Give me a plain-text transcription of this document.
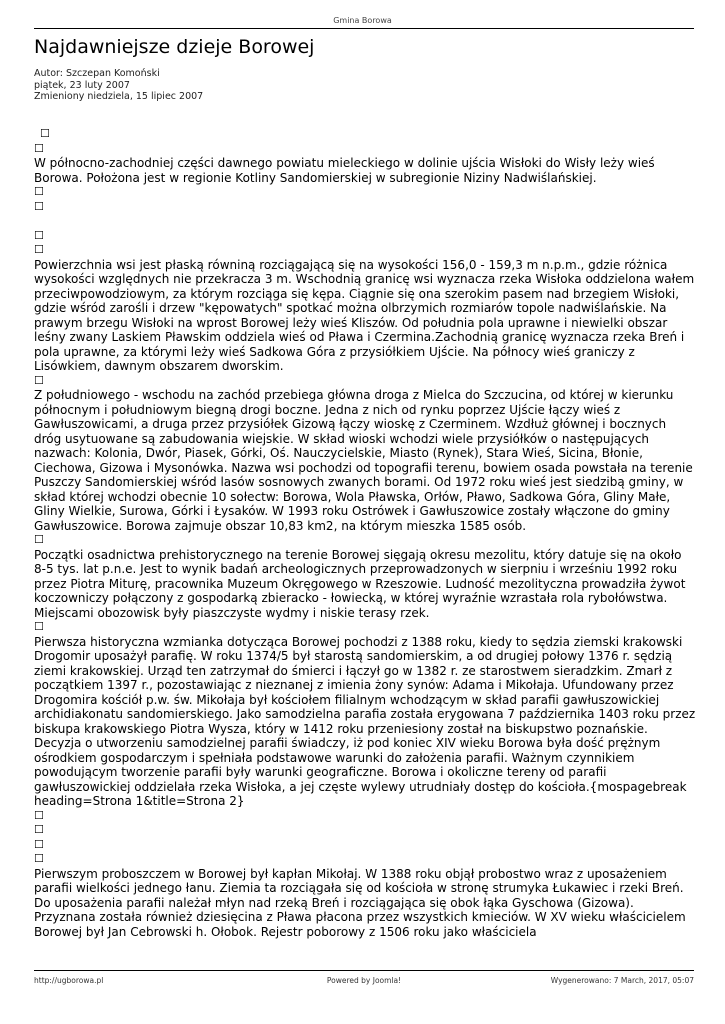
Gmina Borowa
Najdawniejsze dzieje Borowej
Autor: Szczepan Komoński
piątek, 23 luty 2007
Zmieniony niedziela, 15 lipiec 2007
☐
☐

W północno-zachodniej części dawnego powiatu mieleckiego w dolinie ujścia Wisłoki do Wisły leży wieś Borowa. Położona jest w regionie Kotliny Sandomierskiej w subregionie Niziny Nadwiślańskiej.

☐
☐
☐
☐

Powierzchnia wsi jest płaską równiną rozciągającą się na wysokości 156,0 - 159,3 m n.p.m., gdzie różnica wysokości względnych nie przekracza 3 m. Wschodnią granicę wsi wyznacza rzeka Wisłoka oddzielona wałem przeciwpowodziowym, za którym rozciąga się kępa. Ciągnie się ona szerokim pasem nad brzegiem Wisłoki, gdzie wśród zarośli i drzew "kępowatych" spotkać można olbrzymich rozmiarów topole nadwiślańskie. Na prawym brzegu Wisłoki na wprost Borowej leży wieś Kliszów. Od południa pola uprawne i niewielki obszar leśny zwany Laskiem Pławskim oddziela wieś od Pława i Czermina.Zachodnią granicę wyznacza rzeka Breń i pola uprawne, za którymi leży wieś Sadkowa Góra z przysiółkiem Ujście. Na północy wieś graniczy z Lisówkiem, dawnym obszarem dworskim.

☐

Z południowego - wschodu na zachód przebiega główna droga z Mielca do Szczucina, od której w kierunku północnym i południowym biegną drogi boczne. Jedna z nich od rynku poprzez Ujście łączy wieś z Gawłuszowicami, a druga przez przysiółek Gizową łączy wioskę z Czerminem. Wzdłuż głównej i bocznych dróg usytuowane są zabudowania wiejskie. W skład wioski wchodzi wiele przysiółków o następujących nazwach: Kolonia, Dwór, Piasek, Górki, Oś. Nauczycielskie, Miasto (Rynek), Stara Wieś, Sicina, Błonie, Ciechowa, Gizowa i Mysonówka. Nazwa wsi pochodzi od topografii terenu, bowiem osada powstała na terenie Puszczy Sandomierskiej wśród lasów sosnowych zwanych borami. Od 1972 roku wieś jest siedzibą gminy, w skład której wchodzi obecnie 10 sołectw: Borowa, Wola Pławska, Orłów, Pławo, Sadkowa Góra, Gliny Małe, Gliny Wielkie, Surowa, Górki i Łysaków. W 1993 roku Ostrówek i Gawłuszowice zostały włączone do gminy Gawłuszowice. Borowa zajmuje obszar 10,83 km2, na którym mieszka 1585 osób.

☐

Początki osadnictwa prehistorycznego na terenie Borowej sięgają okresu mezolitu, który datuje się na około 8-5 tys. lat p.n.e. Jest to wynik badań archeologicznych przeprowadzonych w sierpniu i wrześniu 1992 roku przez Piotra Miturę, pracownika Muzeum Okręgowego w Rzeszowie. Ludność mezolityczna prowadziła żywot koczowniczy połączony z gospodarką zbieracko - łowiecką, w której wyraźnie wzrastała rola rybołówstwa. Miejscami obozowisk były piaszczyste wydmy i niskie terasy rzek.

☐

Pierwsza historyczna wzmianka dotycząca Borowej pochodzi z 1388 roku, kiedy to sędzia ziemski krakowski Drogomir uposażył parafię. W roku 1374/5 był starostą sandomierskim, a od drugiej połowy 1376 r. sędzią ziemi krakowskiej. Urząd ten zatrzymał do śmierci i łączył go w 1382 r. ze starostwem sieradzkim. Zmarł z początkiem 1397 r., pozostawiając z nieznanej z imienia żony synów: Adama i Mikołaja. Ufundowany przez Drogomira kościół p.w. św. Mikołaja był kościołem filialnym wchodzącym w skład parafii gawłuszowickiej archidiakonatu sandomierskiego. Jako samodzielna parafia została erygowana 7 października 1403 roku przez biskupa krakowskiego Piotra Wysza, który w 1412 roku przeniesiony został na biskupstwo poznańskie. Decyzja o utworzeniu samodzielnej parafii świadczy, iż pod koniec XIV wieku Borowa była dość prężnym ośrodkiem gospodarczym i spełniała podstawowe warunki do założenia parafii. Ważnym czynnikiem powodującym tworzenie parafii były warunki geograficzne. Borowa i okoliczne tereny od parafii gawłuszowickiej oddzielała rzeka Wisłoka, a jej częste wylewy utrudniały dostęp do kościoła.{mospagebreak heading=Strona 1&title=Strona 2}

☐
☐
☐
☐

Pierwszym proboszczem w Borowej był kapłan Mikołaj. W 1388 roku objął probostwo wraz z uposażeniem parafii wielkości jednego łanu. Ziemia ta rozciągała się od kościoła w stronę strumyka Łukawiec i rzeki Breń. Do uposażenia parafii należał młyn nad rzeką Breń i rozciągająca się obok łąka Gyschowa (Gizowa). Przyznana została również dziesięcina z Pława płacona przez wszystkich kmieciów. W XV wieku właścicielem Borowej był Jan Cebrowski h. Ołobok. Rejestr poborowy z 1506 roku jako właściciela

http://ugborowa.pl	Powered by Joomla!	Wygenerowano: 7 March, 2017, 05:07
